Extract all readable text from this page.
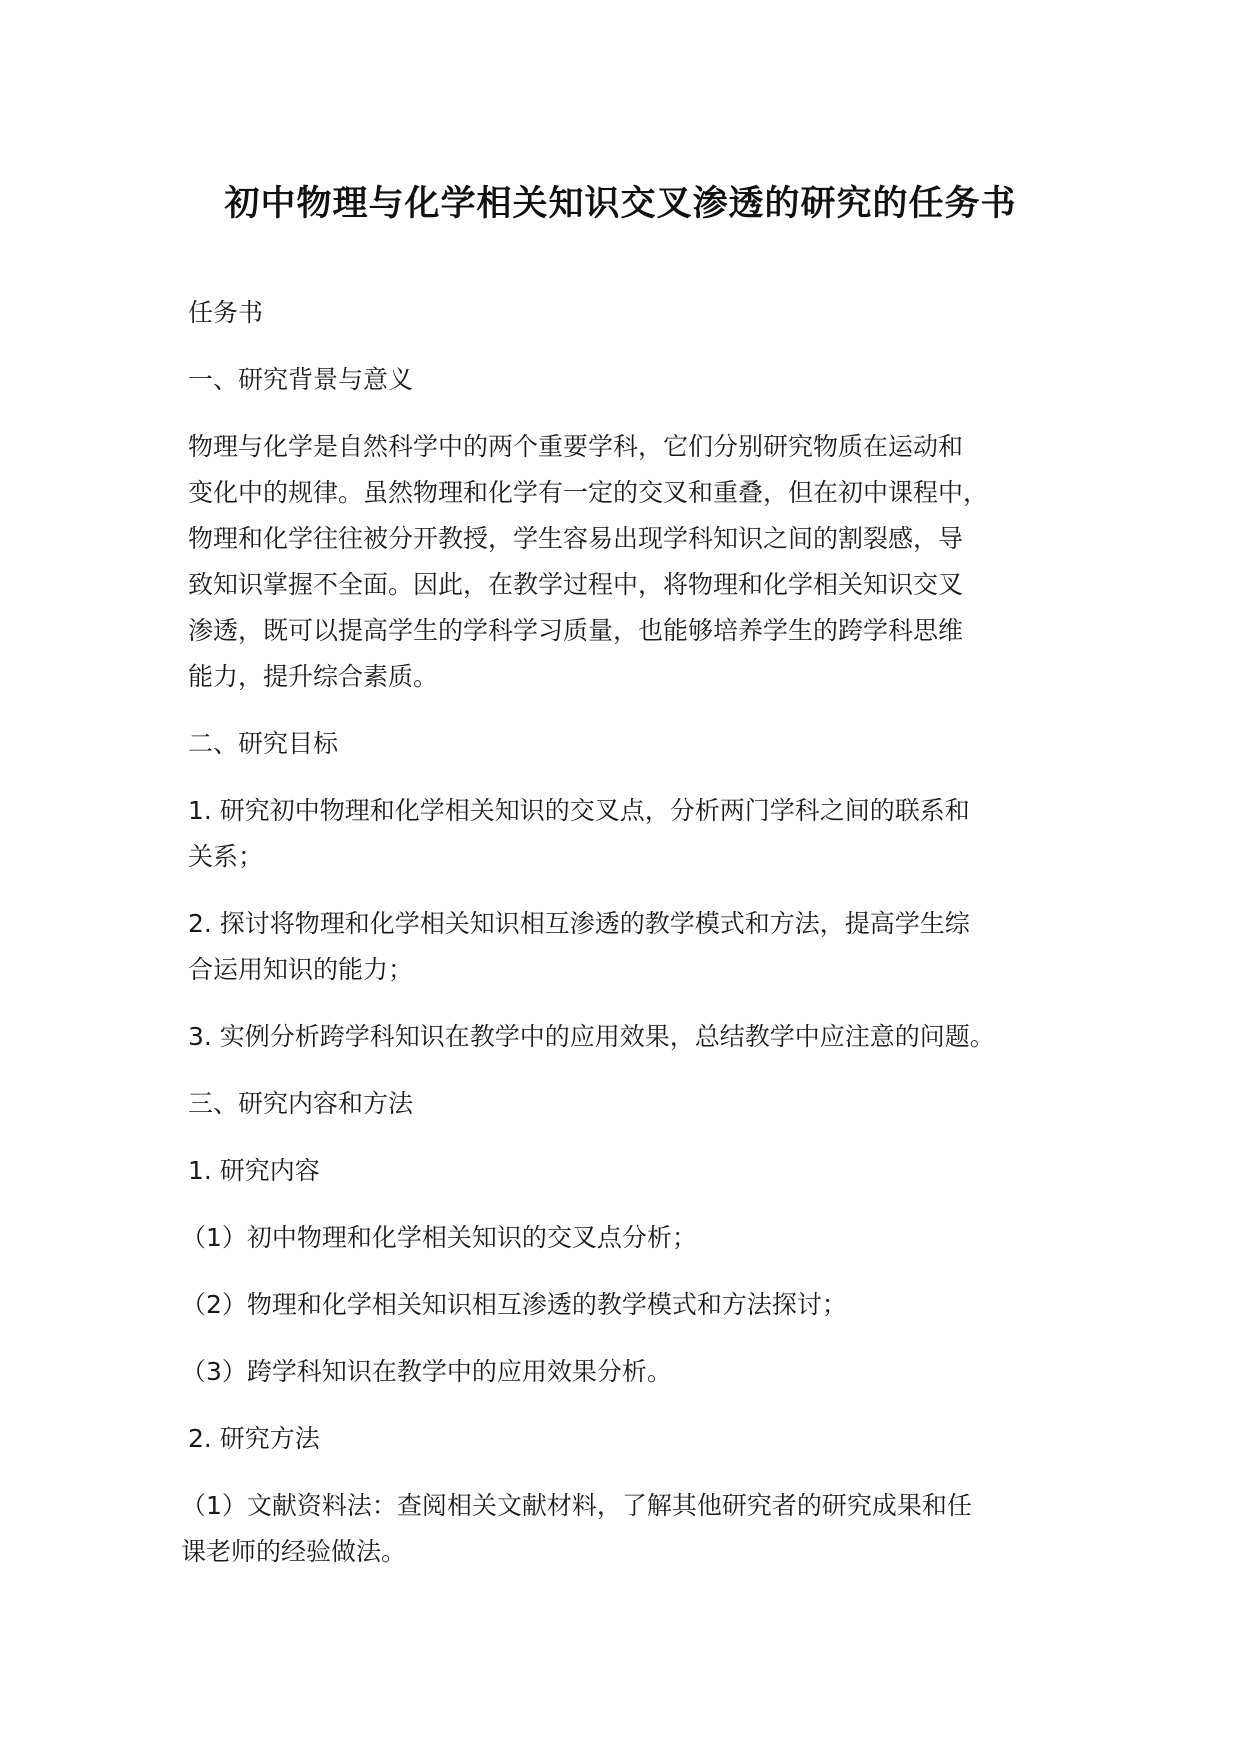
初中物理与化学相关知识交叉渗透的研究的任务书

任务书

一、研究背景与意义

物理与化学是自然科学中的两个重要学科，它们分别研究物质在运动和
变化中的规律。虽然物理和化学有一定的交叉和重叠，但在初中课程中，
物理和化学往往被分开教授，学生容易出现学科知识之间的割裂感，导
致知识掌握不全面。因此，在教学过程中，将物理和化学相关知识交叉
渗透，既可以提高学生的学科学习质量，也能够培养学生的跨学科思维
能力，提升综合素质。

二、研究目标

1. 研究初中物理和化学相关知识的交叉点，分析两门学科之间的联系和
关系；

2. 探讨将物理和化学相关知识相互渗透的教学模式和方法，提高学生综
合运用知识的能力；

3. 实例分析跨学科知识在教学中的应用效果，总结教学中应注意的问题。

三、研究内容和方法

1. 研究内容

（1）初中物理和化学相关知识的交叉点分析；

（2）物理和化学相关知识相互渗透的教学模式和方法探讨；

（3）跨学科知识在教学中的应用效果分析。

2. 研究方法

（1）文献资料法：查阅相关文献材料，了解其他研究者的研究成果和任
课老师的经验做法。
